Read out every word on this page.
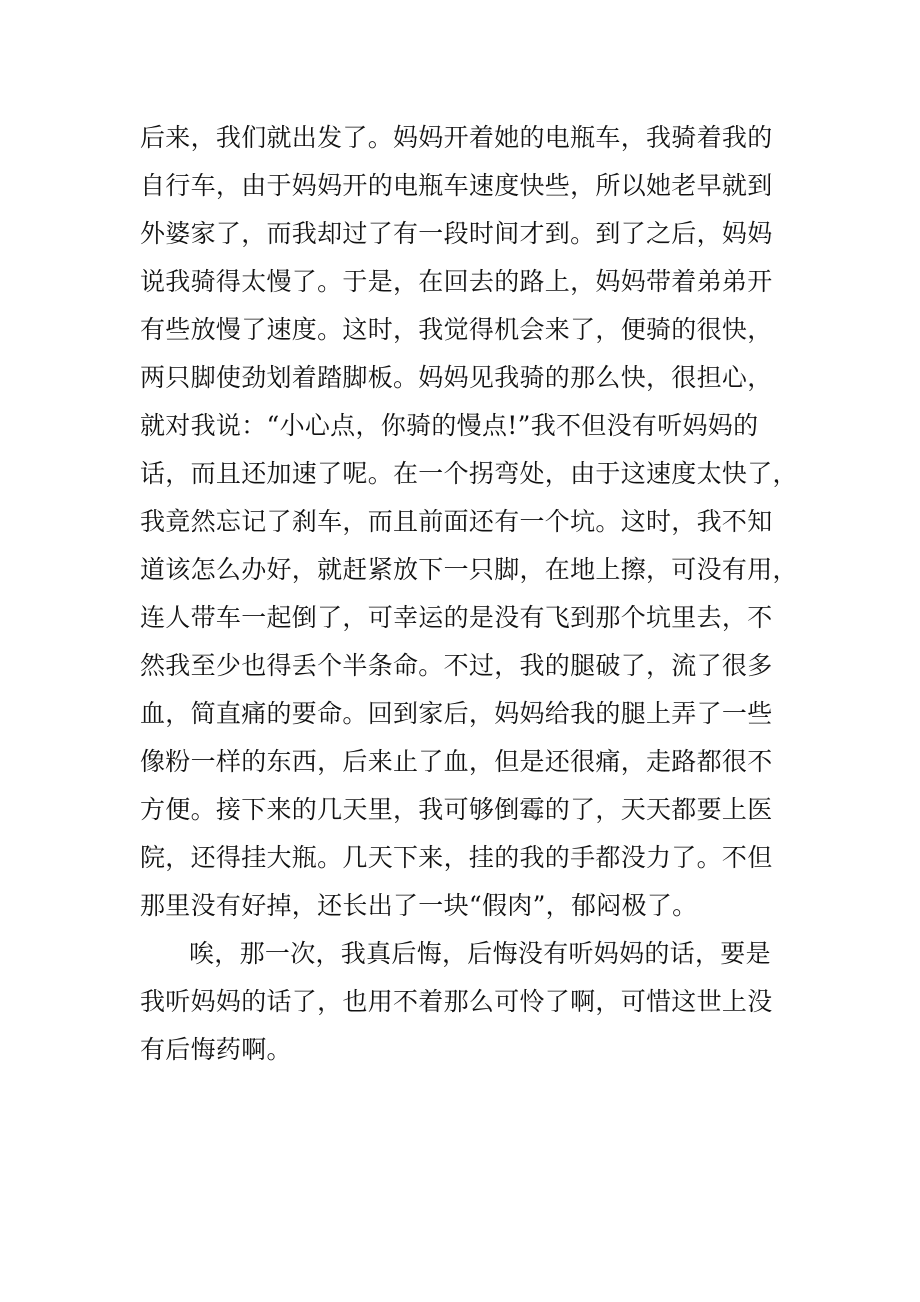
后来，我们就出发了。妈妈开着她的电瓶车，我骑着我的
自行车，由于妈妈开的电瓶车速度快些，所以她老早就到
外婆家了，而我却过了有一段时间才到。到了之后，妈妈
说我骑得太慢了。于是，在回去的路上，妈妈带着弟弟开
有些放慢了速度。这时，我觉得机会来了，便骑的很快，
两只脚使劲划着踏脚板。妈妈见我骑的那么快，很担心，
就对我说：“小心点，你骑的慢点!”我不但没有听妈妈的
话，而且还加速了呢。在一个拐弯处，由于这速度太快了，
我竟然忘记了刹车，而且前面还有一个坑。这时，我不知
道该怎么办好，就赶紧放下一只脚，在地上擦，可没有用，
连人带车一起倒了，可幸运的是没有飞到那个坑里去，不
然我至少也得丢个半条命。不过，我的腿破了，流了很多
血，简直痛的要命。回到家后，妈妈给我的腿上弄了一些
像粉一样的东西，后来止了血，但是还很痛，走路都很不
方便。接下来的几天里，我可够倒霉的了，天天都要上医
院，还得挂大瓶。几天下来，挂的我的手都没力了。不但
那里没有好掉，还长出了一块“假肉”，郁闷极了。
唉，那一次，我真后悔，后悔没有听妈妈的话，要是
我听妈妈的话了，也用不着那么可怜了啊，可惜这世上没
有后悔药啊。
